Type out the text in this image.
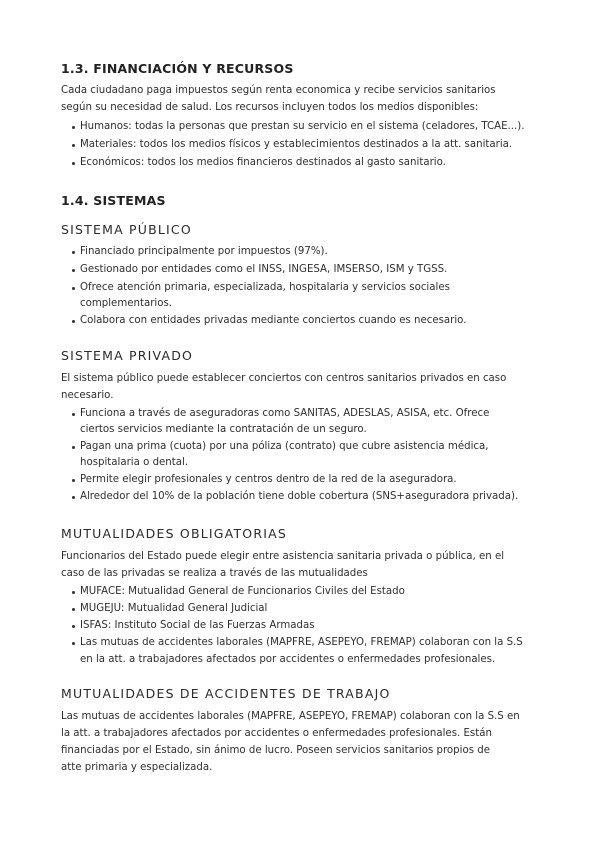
1.3. FINANCIACIÓN Y RECURSOS
Cada ciudadano paga impuestos según renta economica y recibe servicios sanitarios
según su necesidad de salud. Los recursos incluyen todos los medios disponibles:
Humanos: todas la personas que prestan su servicio en el sistema (celadores, TCAE...).
Materiales: todos los medios físicos y establecimientos destinados a la att. sanitaria.
Económicos: todos los medios financieros destinados al gasto sanitario.
1.4. SISTEMAS
SISTEMA PÚBLICO
Financiado principalmente por impuestos (97%).
Gestionado por entidades como el INSS, INGESA, IMSERSO, ISM y TGSS.
Ofrece atención primaria, especializada, hospitalaria y servicios sociales
complementarios.
Colabora con entidades privadas mediante conciertos cuando es necesario.
SISTEMA PRIVADO
El sistema público puede establecer conciertos con centros sanitarios privados en caso
necesario.
Funciona a través de aseguradoras como SANITAS, ADESLAS, ASISA, etc. Ofrece
ciertos servicios mediante la contratación de un seguro.
Pagan una prima (cuota) por una póliza (contrato) que cubre asistencia médica,
hospitalaria o dental.
Permite elegir profesionales y centros dentro de la red de la aseguradora.
Alrededor del 10% de la población tiene doble cobertura (SNS+aseguradora privada).
MUTUALIDADES OBLIGATORIAS
Funcionarios del Estado puede elegir entre asistencia sanitaria privada o pública, en el
caso de las privadas se realiza a través de las mutualidades
MUFACE: Mutualidad General de Funcionarios Civiles del Estado
MUGEJU: Mutualidad General Judicial
ISFAS: Instituto Social de las Fuerzas Armadas
Las mutuas de accidentes laborales (MAPFRE, ASEPEYO, FREMAP) colaboran con la S.S
en la att. a trabajadores afectados por accidentes o enfermedades profesionales.
MUTUALIDADES DE ACCIDENTES DE TRABAJO
Las mutuas de accidentes laborales (MAPFRE, ASEPEYO, FREMAP) colaboran con la S.S en
la att. a trabajadores afectados por accidentes o enfermedades profesionales. Están
financiadas por el Estado, sin ánimo de lucro. Poseen servicios sanitarios propios de
atte primaria y especializada.
